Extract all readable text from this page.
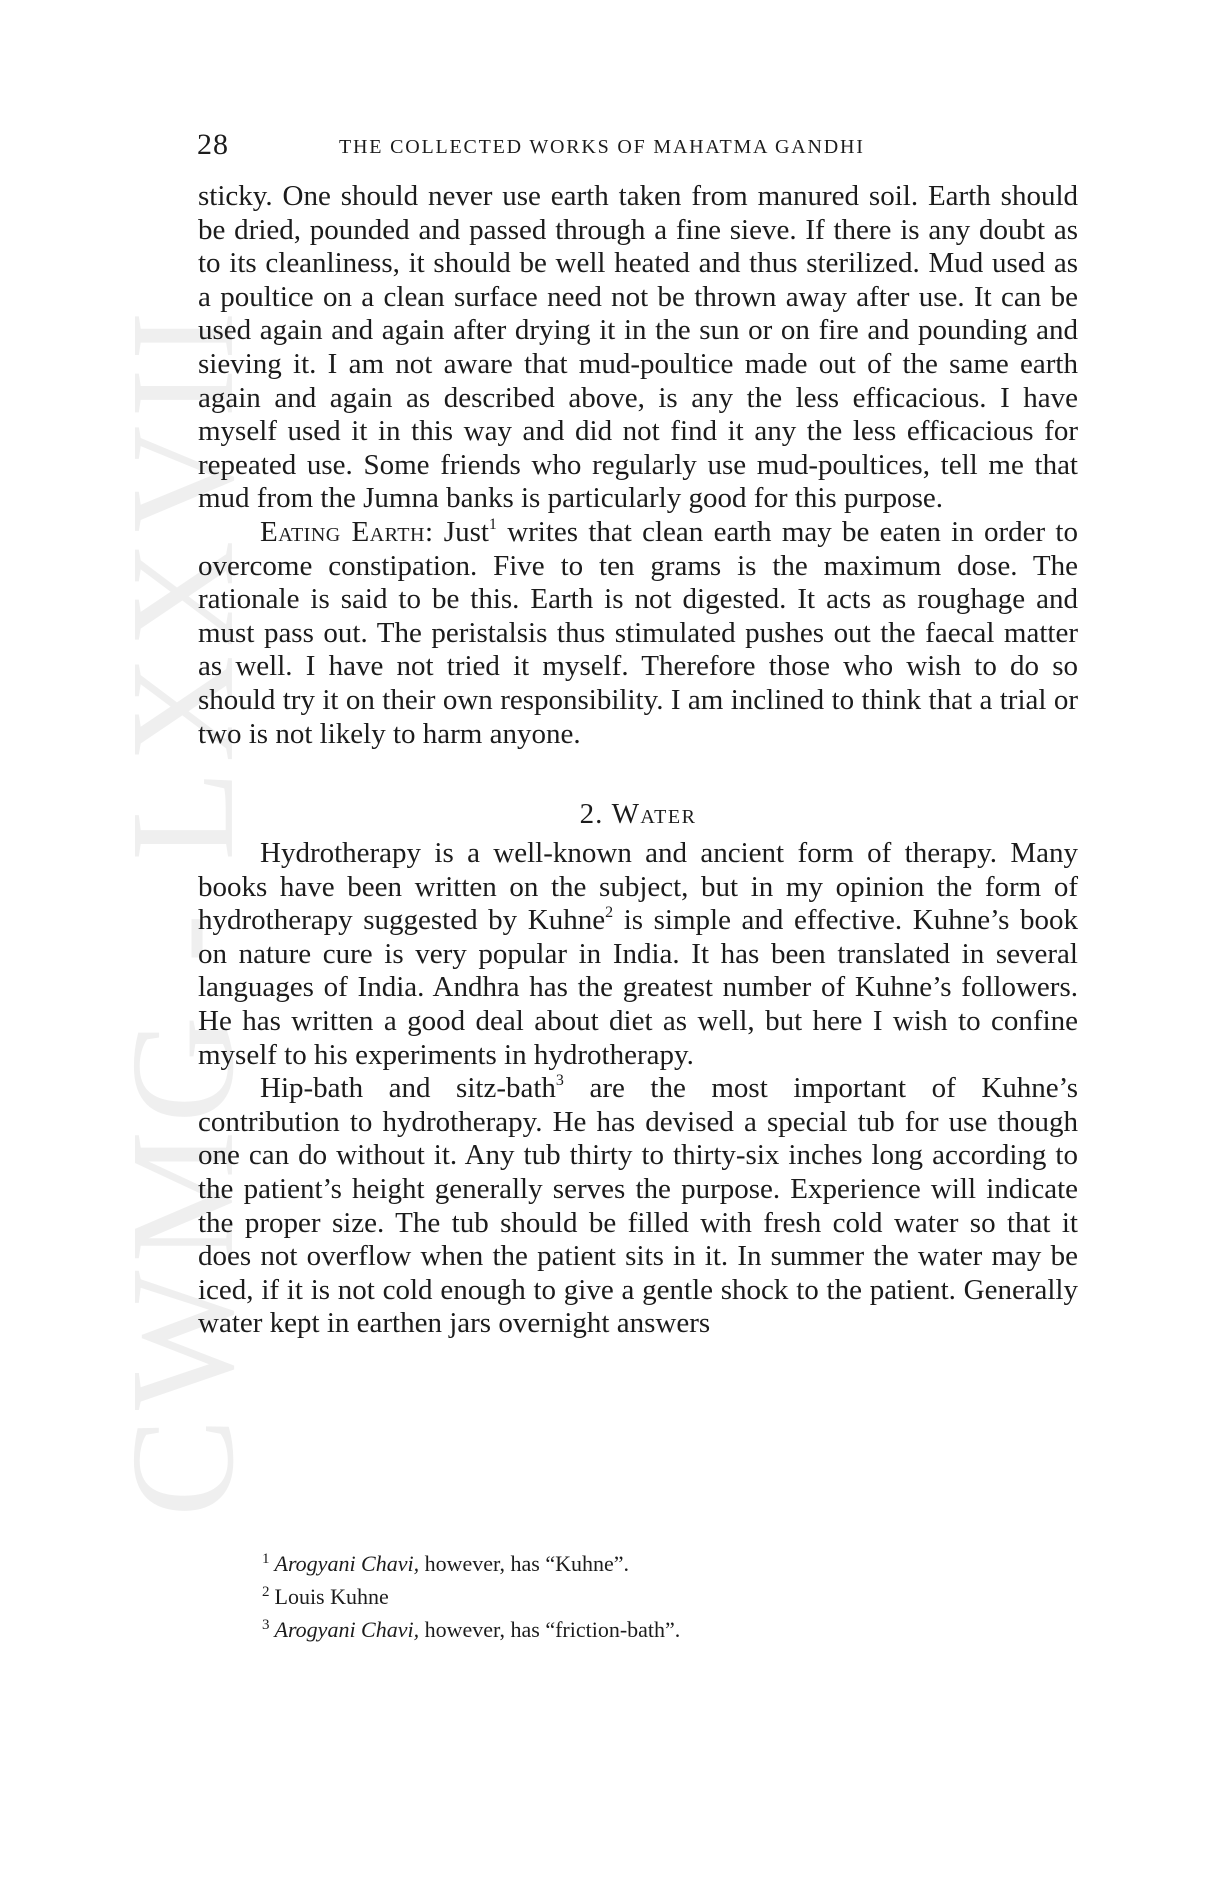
CWMG - LXXVII
28	THE COLLECTED WORKS OF MAHATMA GANDHI

sticky. One should never use earth taken from manured soil. Earth should be dried, pounded and passed through a fine sieve. If there is any doubt as to its cleanliness, it should be well heated and thus sterilized. Mud used as a poultice on a clean surface need not be thrown away after use. It can be used again and again after drying it in the sun or on fire and pounding and sieving it. I am not aware that mud-poultice made out of the same earth again and again as described above, is any the less efficacious. I have myself used it in this way and did not find it any the less efficacious for repeated use. Some friends who regularly use mud-poultices, tell me that mud from the Jumna banks is particularly good for this purpose.

Eating Earth: Just$^1$ writes that clean earth may be eaten in order to overcome constipation. Five to ten grams is the maximum dose. The rationale is said to be this. Earth is not digested. It acts as roughage and must pass out. The peristalsis thus stimulated pushes out the faecal matter as well. I have not tried it myself. Therefore those who wish to do so should try it on their own responsibility. I am inclined to think that a trial or two is not likely to harm anyone.

2. Water

Hydrotherapy is a well-known and ancient form of therapy. Many books have been written on the subject, but in my opinion the form of hydrotherapy suggested by Kuhne$^2$ is simple and effective. Kuhne’s book on nature cure is very popular in India. It has been translated in several languages of India. Andhra has the greatest number of Kuhne’s followers. He has written a good deal about diet as well, but here I wish to confine myself to his experiments in hydrotherapy.

Hip-bath and sitz-bath$^3$ are the most important of Kuhne’s contribution to hydrotherapy. He has devised a special tub for use though one can do without it. Any tub thirty to thirty-six inches long according to the patient’s height generally serves the purpose. Experience will indicate the proper size. The tub should be filled with fresh cold water so that it does not overflow when the patient sits in it. In summer the water may be iced, if it is not cold enough to give a gentle shock to the patient. Generally water kept in earthen jars overnight answers

$^1$ Arogyani Chavi, however, has “Kuhne”.

$^2$ Louis Kuhne

$^3$ Arogyani Chavi, however, has “friction-bath”.
